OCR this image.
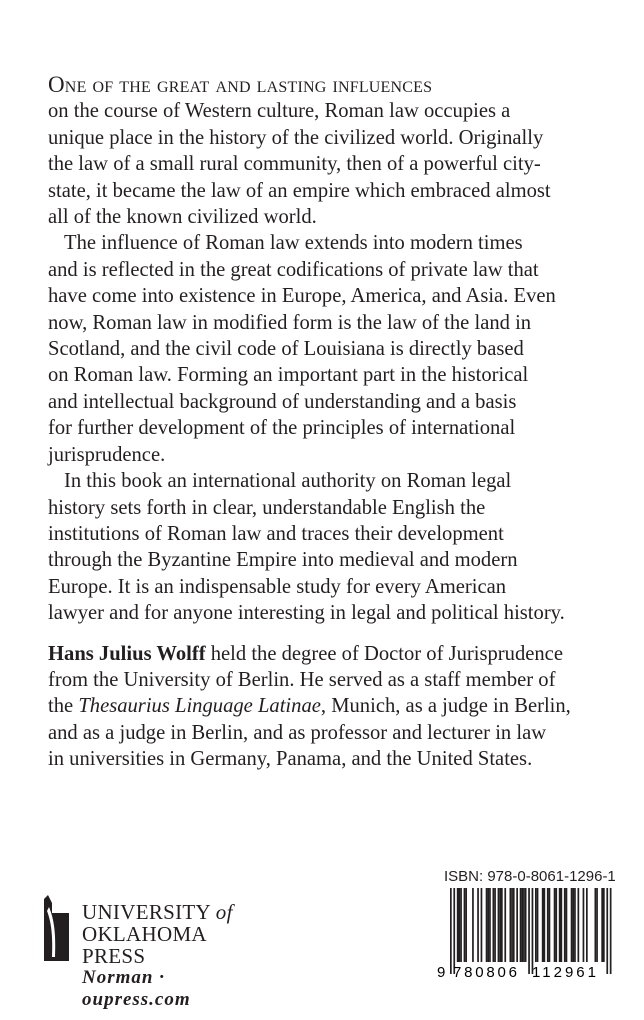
One of the great and lasting influences
on the course of Western culture, Roman law occupies a
unique place in the history of the civilized world. Originally
the law of a small rural community, then of a powerful city-
state, it became the law of an empire which embraced almost
all of the known civilized world.

The influence of Roman law extends into modern times
and is reflected in the great codifications of private law that
have come into existence in Europe, America, and Asia. Even
now, Roman law in modified form is the law of the land in
Scotland, and the civil code of Louisiana is directly based
on Roman law. Forming an important part in the historical
and intellectual background of understanding and a basis
for further development of the principles of international
jurisprudence.

In this book an international authority on Roman legal
history sets forth in clear, understandable English the
institutions of Roman law and traces their development
through the Byzantine Empire into medieval and modern
Europe. It is an indispensable study for every American
lawyer and for anyone interesting in legal and political history.

Hans Julius Wolff held the degree of Doctor of Jurisprudence
from the University of Berlin. He served as a staff member of
the Thesaurius Linguage Latinae, Munich, as a judge in Berlin,
and as a judge in Berlin, and as professor and lecturer in law
in universities in Germany, Panama, and the United States.

UNIVERSITY of
OKLAHOMA PRESS
Norman · oupress.com
ISBN: 978-0-8061-1296-1
9 780806 112961
